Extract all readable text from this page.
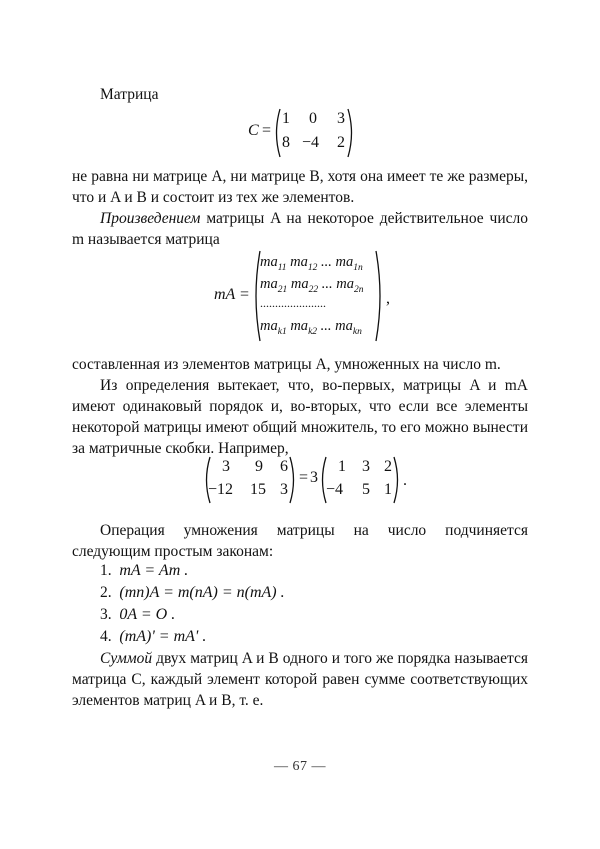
Матрица
C =
1 0 3
8 −4 2
не равна ни матрице A, ни матрице B, хотя она имеет те же размеры, что и A и B и состоит из тех же элементов.
Произведением матрицы A на некоторое действительное число m называется матрица
mA =
$ma_{11}$ $ma_{12}$ ... $ma_{1n}$
$ma_{21}$ $ma_{22}$ ... $ma_{2n}$
......................
$ma_{k1}$ $ma_{k2}$ ... $ma_{kn}$
,
составленная из элементов матрицы A, умноженных на число m.
Из определения вытекает, что, во-первых, матрицы A и mA имеют одинаковый порядок и, во-вторых, что если все элементы некоторой матрицы имеют общий множитель, то его можно вынести за матричные скобки. Например,
3 9 6
−12 15 3
= 3
1 3 2
−4 5 1
.
Операция умножения матрицы на число подчиняется следующим простым законам:
1. mA = Am .
2. (mn)A = m(nA) = n(mA) .
3. 0A = O .
4. (mA)' = mA' .
Суммой двух матриц A и B одного и того же порядка называется матрица C, каждый элемент которой равен сумме соответствующих элементов матриц A и B, т. е.
— 67 —
